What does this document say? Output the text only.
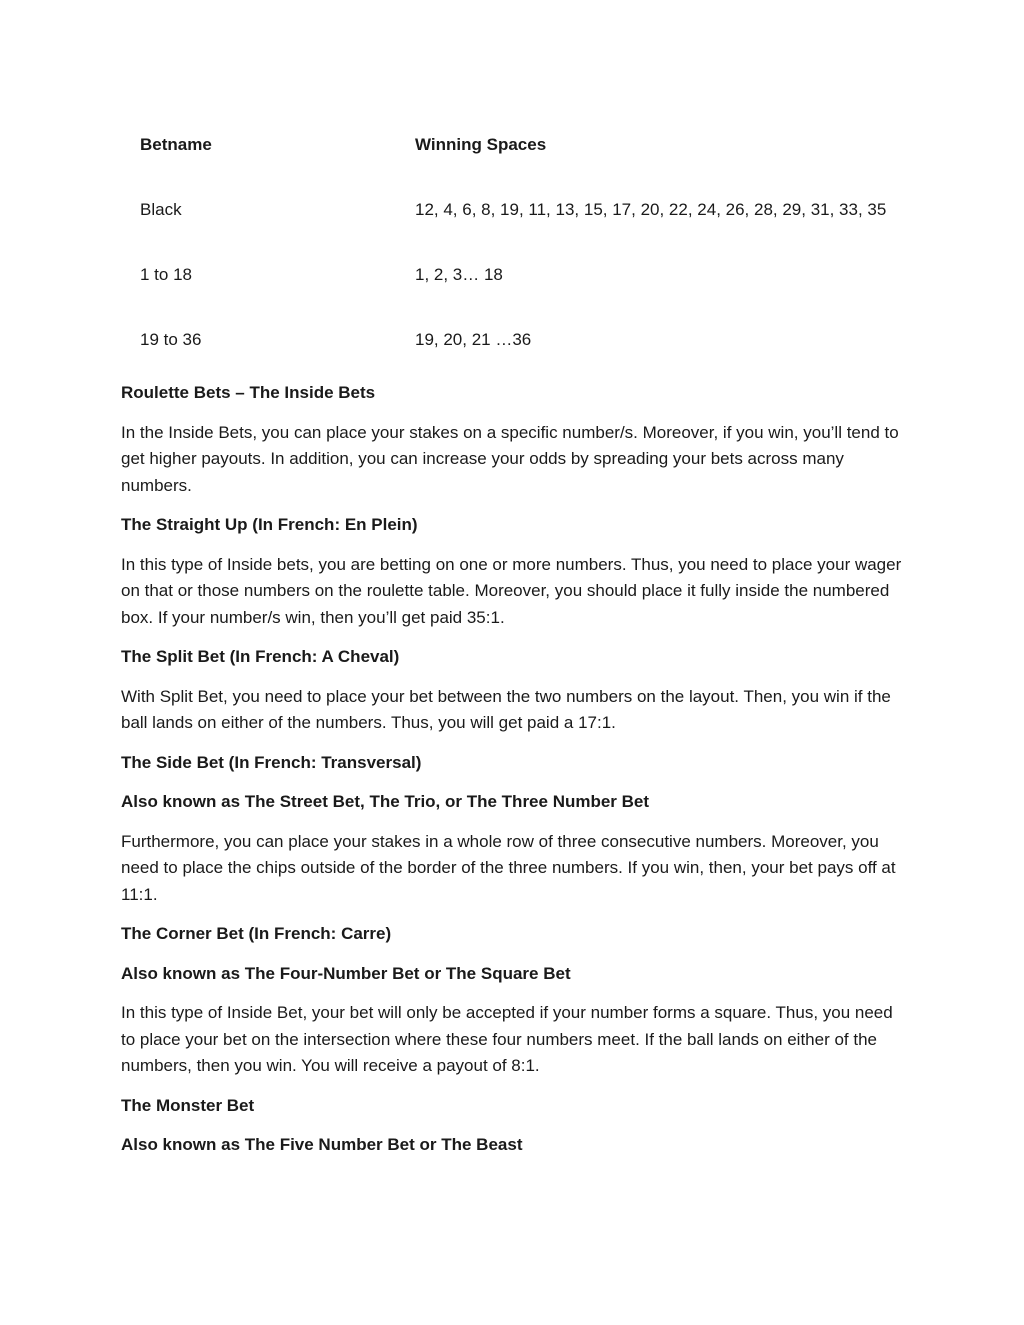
Betname	Winning Spaces
Black	12, 4, 6, 8, 19, 11, 13, 15, 17, 20, 22, 24, 26, 28, 29, 31, 33, 35
1 to 18	1, 2, 3… 18
19 to 36	19, 20, 21 …36
Roulette Bets – The Inside Bets

In the Inside Bets, you can place your stakes on a specific number/s. Moreover, if you win, you’ll tend to get higher payouts. In addition, you can increase your odds by spreading your bets across many numbers.

The Straight Up (In French: En Plein)

In this type of Inside bets, you are betting on one or more numbers. Thus, you need to place your wager on that or those numbers on the roulette table. Moreover, you should place it fully inside the numbered box. If your number/s win, then you’ll get paid 35:1.

The Split Bet (In French: A Cheval)

With Split Bet, you need to place your bet between the two numbers on the layout. Then, you win if the ball lands on either of the numbers. Thus, you will get paid a 17:1.

The Side Bet (In French: Transversal)
Also known as The Street Bet, The Trio, or The Three Number Bet

Furthermore, you can place your stakes in a whole row of three consecutive numbers. Moreover, you need to place the chips outside of the border of the three numbers. If you win, then, your bet pays off at 11:1.

The Corner Bet (In French: Carre)
Also known as The Four-Number Bet or The Square Bet

In this type of Inside Bet, your bet will only be accepted if your number forms a square. Thus, you need to place your bet on the intersection where these four numbers meet. If the ball lands on either of the numbers, then you win. You will receive a payout of 8:1.

The Monster Bet
Also known as The Five Number Bet or The Beast
